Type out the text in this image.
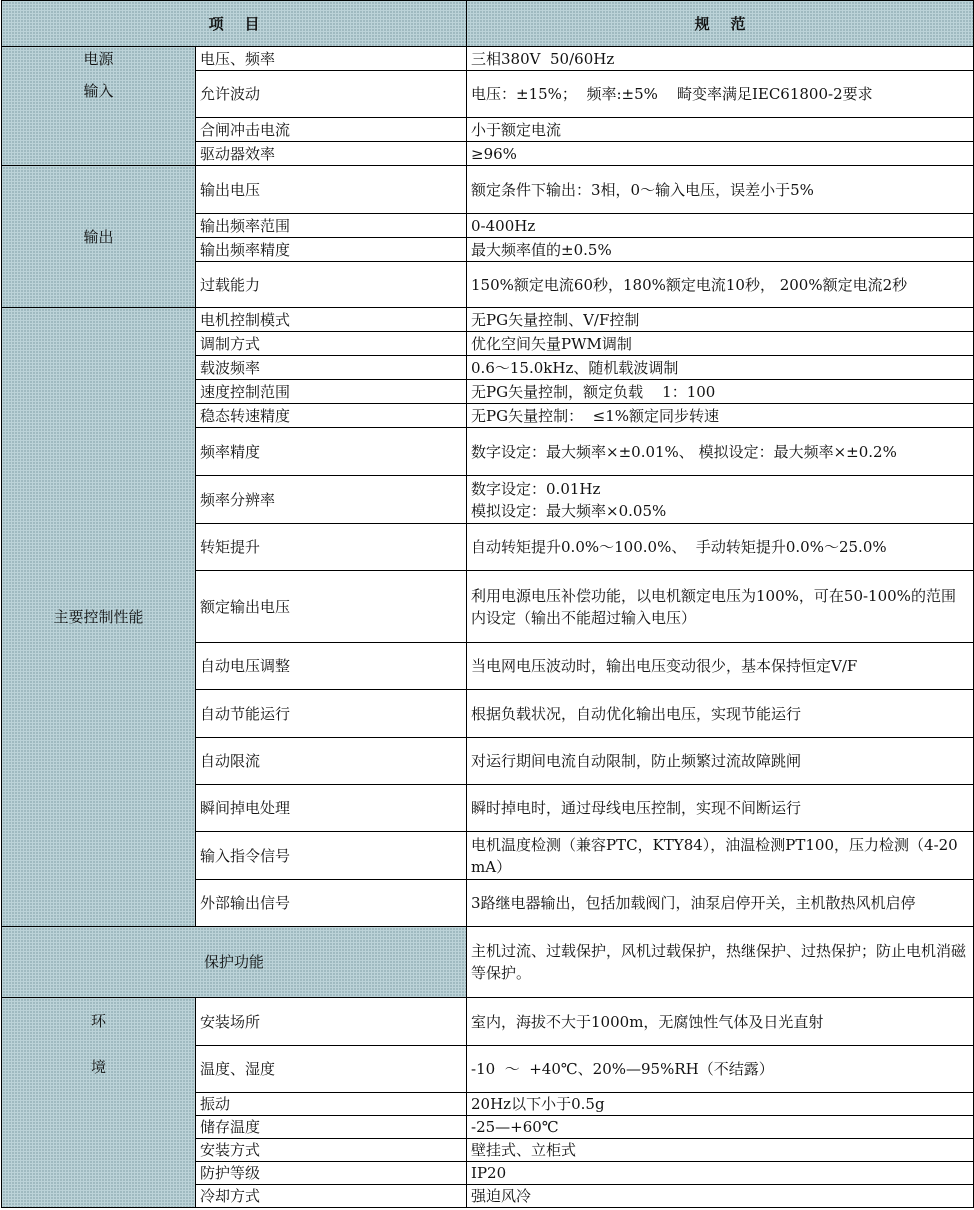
项    目		规    范

电源
输入	电压、频率	三相380V  50/60Hz
	允许波动	电压：±15%；  频率:±5%    畸变率满足IEC61800-2要求
	合闸冲击电流	小于额定电流
	驱动器效率	≥96%
输出	输出电压	额定条件下输出：3相，0～输入电压，误差小于5%
	输出频率范围	0-400Hz
	输出频率精度	最大频率值的±0.5%
	过载能力	150%额定电流60秒，180%额定电流10秒， 200%额定电流2秒
主要控制性能	电机控制模式	无PG矢量控制、V/F控制
	调制方式	优化空间矢量PWM调制
	载波频率	0.6～15.0kHz、随机载波调制
	速度控制范围	无PG矢量控制，额定负载    1：100
	稳态转速精度	无PG矢量控制：  ≤1%额定同步转速
	频率精度	数字设定：最大频率×±0.01%、 模拟设定：最大频率×±0.2%
	频率分辨率	数字设定：0.01Hz
模拟设定：最大频率×0.05%

	转矩提升	自动转矩提升0.0%～100.0%、  手动转矩提升0.0%～25.0%
	额定输出电压	利用电源电压补偿功能，以电机额定电压为100%，可在50-100%的范围内设定（输出不能超过输入电压）
	自动电压调整	当电网电压波动时，输出电压变动很少，基本保持恒定V/F
	自动节能运行	根据负载状况，自动优化输出电压，实现节能运行
	自动限流	对运行期间电流自动限制，防止频繁过流故障跳闸
	瞬间掉电处理	瞬时掉电时，通过母线电压控制，实现不间断运行
	输入指令信号	电机温度检测（兼容PTC，KTY84），油温检测PT100，压力检测（4-20mA）
	外部输出信号	3路继电器输出，包括加载阀门，油泵启停开关，主机散热风机启停
保护功能		主机过流、过载保护，风机过载保护，热继保护、过热保护；防止电机消磁等保护。

环
境	安装场所	室内，海拔不大于1000m，无腐蚀性气体及日光直射
	温度、湿度	-10  ～  +40℃、20%—95%RH（不结露）
	振动	20Hz以下小于0.5g
	储存温度	-25—+60℃
	安装方式	壁挂式、立柜式
	防护等级	IP20
	冷却方式	强迫风冷
